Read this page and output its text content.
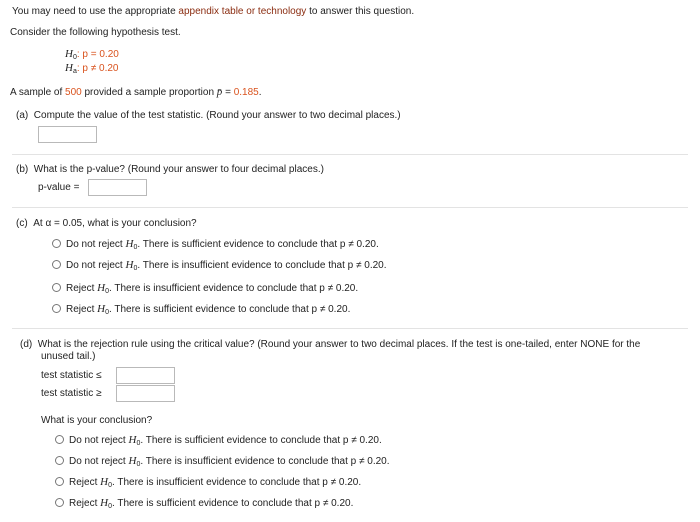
You may need to use the appropriate appendix table or technology to answer this question.
Consider the following hypothesis test.
$H_0$: p = 0.20
$H_a$: p ≠ 0.20
A sample of 500 provided a sample proportion p̄ = 0.185.
(a) Compute the value of the test statistic. (Round your answer to two decimal places.)
(b) What is the p-value? (Round your answer to four decimal places.)
p-value =
(c) At α = 0.05, what is your conclusion?
Do not reject $H_0$. There is sufficient evidence to conclude that p ≠ 0.20.
Do not reject $H_0$. There is insufficient evidence to conclude that p ≠ 0.20.
Reject $H_0$. There is insufficient evidence to conclude that p ≠ 0.20.
Reject $H_0$. There is sufficient evidence to conclude that p ≠ 0.20.
(d) What is the rejection rule using the critical value? (Round your answer to two decimal places. If the test is one-tailed, enter NONE for the
unused tail.)
test statistic ≤
test statistic ≥
What is your conclusion?
Do not reject $H_0$. There is sufficient evidence to conclude that p ≠ 0.20.
Do not reject $H_0$. There is insufficient evidence to conclude that p ≠ 0.20.
Reject $H_0$. There is insufficient evidence to conclude that p ≠ 0.20.
Reject $H_0$. There is sufficient evidence to conclude that p ≠ 0.20.
